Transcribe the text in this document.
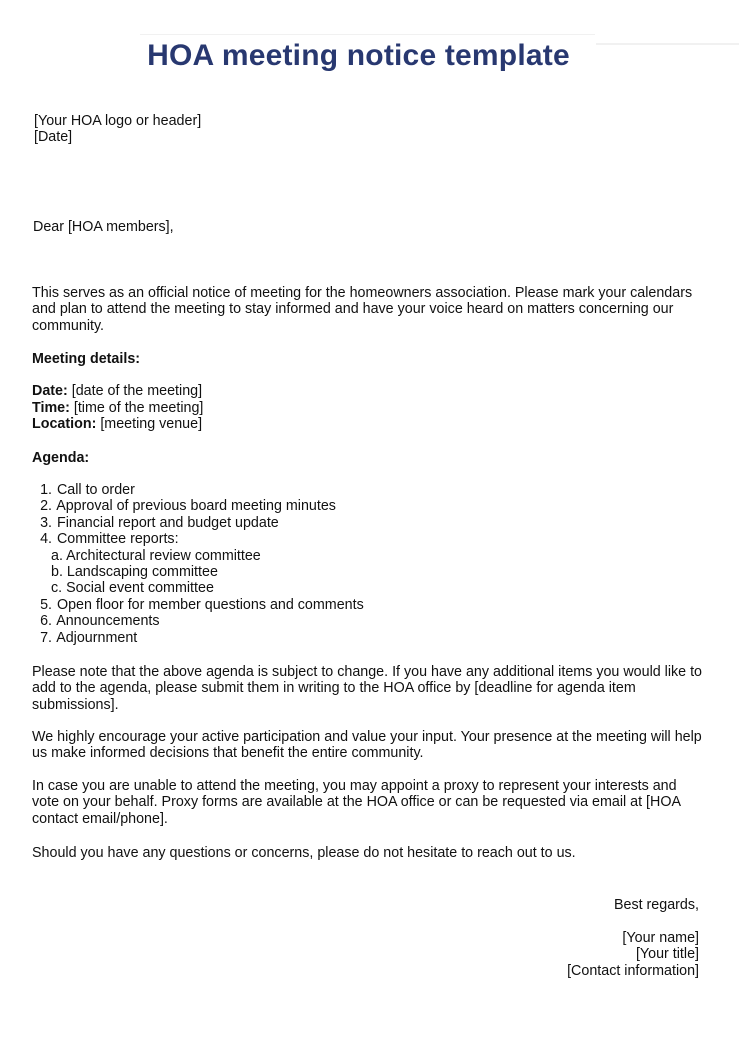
HOA meeting notice template

[Your HOA logo or header]

[Date]

Dear [HOA members],

This serves as an official notice of meeting for the homeowners association. Please mark your calendars and plan to attend the meeting to stay informed and have your voice heard on matters concerning our community.

Meeting details:

Date: [date of the meeting]

Time: [time of the meeting]

Location: [meeting venue]

Agenda:

1. Call to order
2. Approval of previous board meeting minutes
3. Financial report and budget update
4. Committee reports:
a. Architectural review committee
b. Landscaping committee
c. Social event committee
5. Open floor for member questions and comments
6. Announcements
7. Adjournment

Please note that the above agenda is subject to change. If you have any additional items you would like to add to the agenda, please submit them in writing to the HOA office by [deadline for agenda item submissions].

We highly encourage your active participation and value your input. Your presence at the meeting will help us make informed decisions that benefit the entire community.

In case you are unable to attend the meeting, you may appoint a proxy to represent your interests and vote on your behalf. Proxy forms are available at the HOA office or can be requested via email at [HOA contact email/phone].

Should you have any questions or concerns, please do not hesitate to reach out to us.

Best regards,

[Your name]

[Your title]

[Contact information]
